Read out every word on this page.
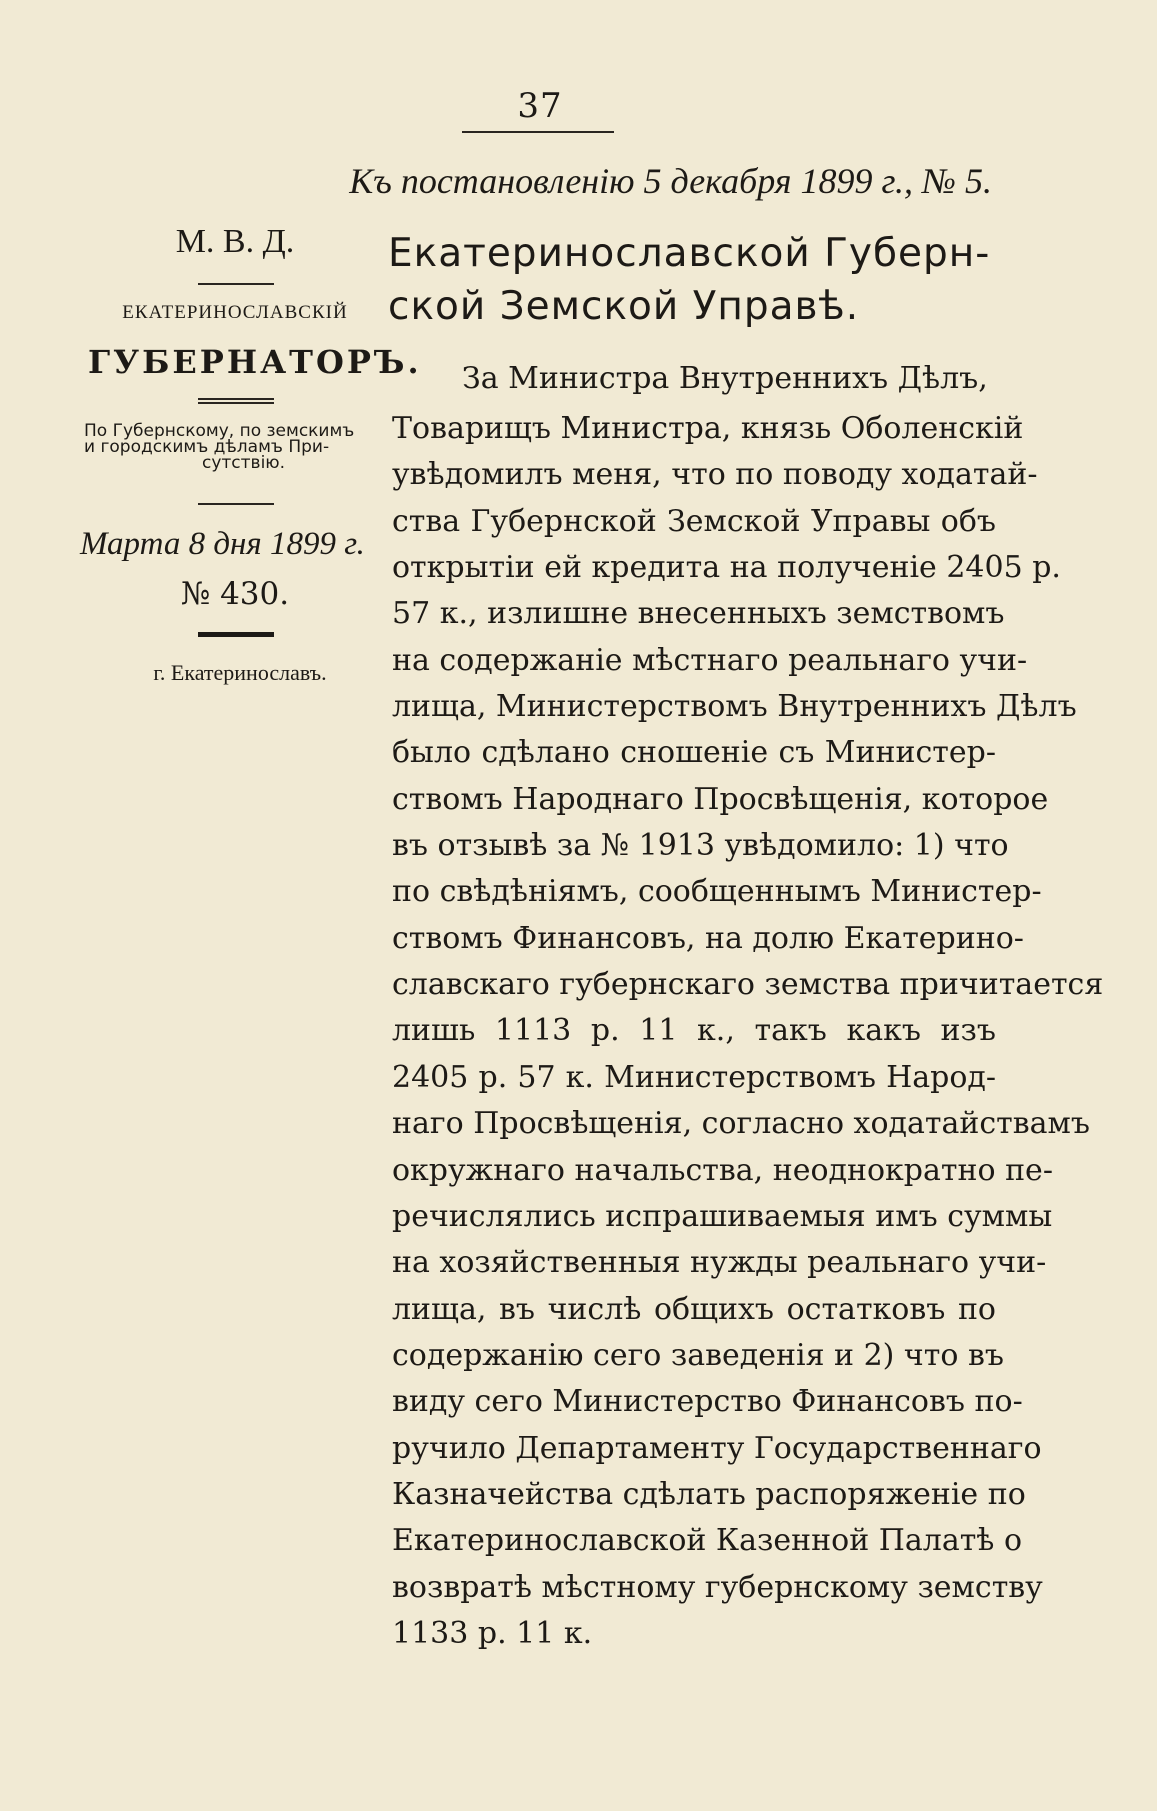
37
Къ постановленiю 5 декабря 1899 г., № 5.
Екатеринославской Губерн-
ской Земской Управѣ.
М. В. Д.
ЕКАТЕРИНОСЛАВСКIЙ
ГУБЕРНАТОРЪ.
По Губернскому, по земскимъ
и городскимъ дѣламъ При-
сутствiю.
Марта 8 дня 1899 г.
№ 430.
г. Екатеринославъ.
За Министра Внутреннихъ Дѣлъ,
Товарищъ Министра, князь Оболенскiй
увѣдомилъ меня, что по поводу ходатай-
ства Губернской Земской Управы объ
открытiи ей кредита на полученiе 2405 р.
57 к., излишне внесенныхъ земствомъ
на содержанiе мѣстнаго реальнаго учи-
лища, Министерствомъ Внутреннихъ Дѣлъ
было сдѣлано сношенiе съ Министер-
ствомъ Народнаго Просвѣщенiя, которое
въ отзывѣ за № 1913 увѣдомило: 1) что
по свѣдѣнiямъ, сообщеннымъ Министер-
ствомъ Финансовъ, на долю Екатерино-
славскаго губернскаго земства причитается
лишь 1113 р. 11 к., такъ какъ изъ
2405 р. 57 к. Министерствомъ Народ-
наго Просвѣщенiя, согласно ходатайствамъ
окружнаго начальства, неоднократно пе-
речислялись испрашиваемыя имъ суммы
на хозяйственныя нужды реальнаго учи-
лища, въ числѣ общихъ остатковъ по
содержанiю сего заведенiя и 2) что въ
виду сего Министерство Финансовъ по-
ручило Департаменту Государственнаго
Казначейства сдѣлать распоряженiе по
Екатеринославской Казенной Палатѣ о
возвратѣ мѣстному губернскому земству
1133 р. 11 к.
